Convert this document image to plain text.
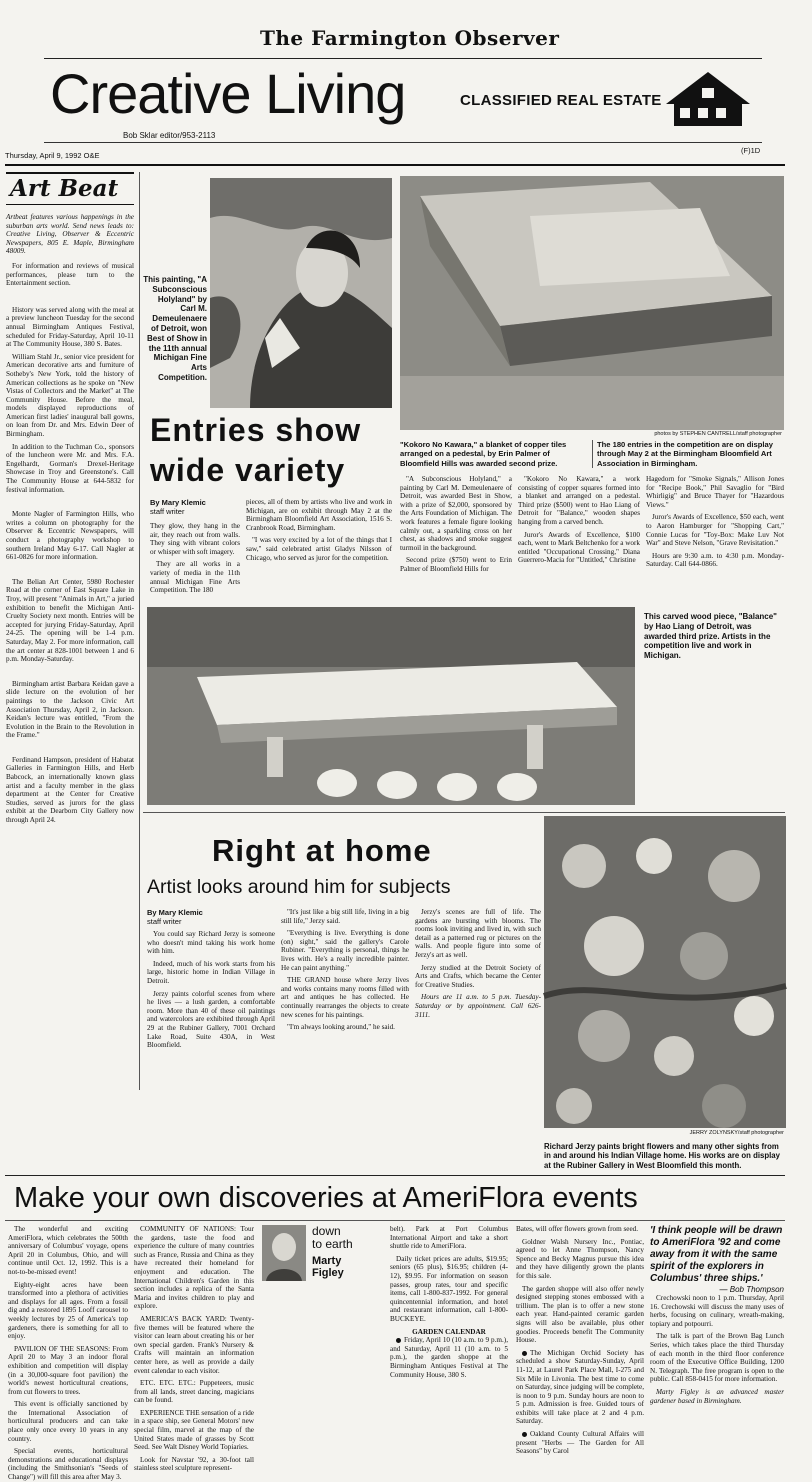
The Farmington Observer
Creative Living	CLASSIFIED REAL ESTATE
Bob Sklar editor/953-2113
Thursday, April 9, 1992 O&E
(F)1D
Art Beat

Artbeat features various happenings in the suburban arts world. Send news leads to: Creative Living, Observer & Eccentric Newspapers, 805 E. Maple, Birmingham 48009.

For information and reviews of musical performances, please turn to the Entertainment section.

History was served along with the meal at a preview luncheon Tuesday for the second annual Birmingham Antiques Festival, scheduled for Friday-Saturday, April 10-11 at The Community House, 380 S. Bates.

William Stahl Jr., senior vice president for American decorative arts and furniture of Sotheby's New York, told the history of American collections as he spoke on "New Vistas of Collectors and the Market" at The Community House. Before the meal, models displayed reproductions of American first ladies' inaugural ball gowns, on loan from Dr. and Mrs. Edwin Deer of Birmingham.

In addition to the Tuchman Co., sponsors of the luncheon were Mr. and Mrs. F.A. Engelhardt, Gorman's Drexel-Heritage Showcase in Troy and Greenstone's. Call The Community House at 644-5832 for festival information.

Monte Nagler of Farmington Hills, who writes a column on photography for the Observer & Eccentric Newspapers, will conduct a photography workshop to southern Ireland May 6-17. Call Nagler at 661-0826 for more information.

The Belian Art Center, 5980 Rochester Road at the corner of East Square Lake in Troy, will present "Animals in Art," a juried exhibition to benefit the Michigan Anti-Cruelty Society next month. Entries will be accepted for jurying Friday-Saturday, April 24-25. The opening will be 1-4 p.m. Saturday, May 2. For more information, call the art center at 828-1001 between 1 and 6 p.m. Monday-Saturday.

Birmingham artist Barbara Keidan gave a slide lecture on the evolution of her paintings to the Jackson Civic Art Association Thursday, April 2, in Jackson. Keidan's lecture was entitled, "From the Evolution in the Brain to the Revolution in the Frame."

Ferdinand Hampson, president of Habatat Galleries in Farmington Hills, and Herb Babcock, an internationally known glass artist and a faculty member in the glass department at the Center for Creative Studies, served as jurors for the glass exhibit at the Dearborn City Gallery now through April 24.

This painting, "A Subconscious Holyland" by Carl M. Demeulenaere of Detroit, won Best of Show in the 11th annual Michigan Fine Arts Competition.
photos by STEPHEN CANTRELL/staff photographer
Entries show
wide variety
"Kokoro No Kawara," a blanket of copper tiles arranged on a pedestal, by Erin Palmer of Bloomfield Hills was awarded second prize.
The 180 entries in the competition are on display through May 2 at the Birmingham Bloomfield Art Association in Birmingham.
By Mary Klemic
staff writer

They glow, they hang in the air, they reach out from walls. They sing with vibrant colors or whisper with soft imagery.

They are all works in a variety of media in the 11th annual Michigan Fine Arts Competition. The 180

pieces, all of them by artists who live and work in Michigan, are on exhibit through May 2 at the Birmingham Bloomfield Art Association, 1516 S. Cranbrook Road, Birmingham.

"I was very excited by a lot of the things that I saw," said celebrated artist Gladys Nilsson of Chicago, who served as juror for the competition.

"A Subconscious Holyland," a painting by Carl M. Demeulenaere of Detroit, was awarded Best in Show, with a prize of $2,000, sponsored by the Arts Foundation of Michigan. The work features a female figure looking calmly out, a sparkling cross on her chest, as shadows and smoke suggest turmoil in the background.

Second prize ($750) went to Erin Palmer of Bloomfield Hills for

"Kokoro No Kawara," a work consisting of copper squares formed into a blanket and arranged on a pedestal. Third prize ($500) went to Hao Liang of Detroit for "Balance," wooden shapes hanging from a carved bench.

Juror's Awards of Excellence, $100 each, went to Mark Beltchenko for a work entitled "Occupational Crossing," Diana Guerrero-Macia for "Untitled," Christine

Hagedorn for "Smoke Signals," Allison Jones for "Recipe Book," Phil Savaglio for "Bird Whirligig" and Bruce Thayer for "Hazardous Views."

Juror's Awards of Excellence, $50 each, went to Aaron Hamburger for "Shopping Cart," Connie Lucas for "Toy-Box: Make Luv Not War" and Steve Nelson, "Grave Revisitation."

Hours are 9:30 a.m. to 4:30 p.m. Monday-Saturday. Call 644-0866.

This carved wood piece, "Balance" by Hao Liang of Detroit, was awarded third prize. Artists in the competition live and work in Michigan.
Right at home
Artist looks around him for subjects
By Mary Klemic
staff writer

You could say Richard Jerzy is someone who doesn't mind taking his work home with him.

Indeed, much of his work starts from his large, historic home in Indian Village in Detroit.

Jerzy paints colorful scenes from where he lives — a lush garden, a comfortable room. More than 40 of these oil paintings and watercolors are exhibited through April 29 at the Rubiner Gallery, 7001 Orchard Lake Road, Suite 430A, in West Bloomfield.

"It's just like a big still life, living in a big still life," Jerzy said.

"Everything is live. Everything is done (on) sight," said the gallery's Carole Rubiner. "Everything is personal, things he lives with. He's a really incredible painter. He can paint anything."

THE GRAND house where Jerzy lives and works contains many rooms filled with art and antiques he has collected. He continually rearranges the objects to create new scenes for his paintings.

"I'm always looking around," he said.

Jerzy's scenes are full of life. The gardens are bursting with blooms. The rooms look inviting and lived in, with such detail as a patterned rug or pictures on the walls. And people figure into some of Jerzy's art as well.

Jerzy studied at the Detroit Society of Arts and Crafts, which became the Center for Creative Studies.

Hours are 11 a.m. to 5 p.m. Tuesday-Saturday or by appointment. Call 626-3111.

JERRY ZOLYNSKY/staff photographer
Richard Jerzy paints bright flowers and many other sights from in and around his Indian Village home. His works are on display at the Rubiner Gallery in West Bloomfield this month.
Make your own discoveries at AmeriFlora events

The wonderful and exciting AmeriFlora, which celebrates the 500th anniversary of Columbus' voyage, opens April 20 in Columbus, Ohio, and will continue until Oct. 12, 1992. This is a not-to-be-missed event!

Eighty-eight acres have been transformed into a plethora of activities and displays for all ages. From a fossil dig and a restored 1895 Looff carousel to weekly lectures by 25 of America's top gardeners, there is something for all to enjoy.

PAVILION OF THE SEASONS: From April 20 to May 3 an indoor floral exhibition and competition will display (in a 30,000-square foot pavilion) the world's newest horticultural creations, from cut flowers to trees.

This event is officially sanctioned by the International Association of horticultural producers and can take place only once every 10 years in any country.

Special events, horticultural demonstrations and educational displays (including the Smithsonian's "Seeds of Change") will fill this area after May 3.

COMMUNITY OF NATIONS: Tour the gardens, taste the food and experience the culture of many countries such as France, Russia and China as they have recreated their homeland for enjoyment and education. The International Children's Garden in this section includes a replica of the Santa Maria and invites children to play and explore.

AMERICA'S BACK YARD: Twenty-five themes will be featured where the visitor can learn about creating his or her own special garden. Frank's Nursery & Crafts will maintain an information center here, as well as provide a daily event calendar to each visitor.

ETC. ETC. ETC.: Puppeteers, music from all lands, street dancing, magicians can be found.

EXPERIENCE THE sensation of a ride in a space ship, see General Motors' new special film, marvel at the map of the United States made of grasses by Scott Seed. See Walt Disney World Topiaries.

Look for Navstar '92, a 30-foot tall stainless steel sculpture represent-

down
to earth
Marty
Figley

belt). Park at Port Columbus International Airport and take a short shuttle ride to AmeriFlora.

Daily ticket prices are adults, $19.95; seniors (65 plus), $16.95; children (4-12), $9.95. For information on season passes, group rates, tour and specific items, call 1-800-837-1992. For general quincentennial information, and hotel and restaurant information, call 1-800-BUCKEYE.

GARDEN CALENDAR

Friday, April 10 (10 a.m. to 9 p.m.), and Saturday, April 11 (10 a.m. to 5 p.m.), the garden shoppe at the Birmingham Antiques Festival at The Community House, 380 S.

Bates, will offer flowers grown from seed.

Goldner Walsh Nursery Inc., Pontiac, agreed to let Anne Thompson, Nancy Spence and Becky Magnus pursue this idea and they have diligently grown the plants for this sale.

The garden shoppe will also offer newly designed stepping stones embossed with a trillium. The plan is to offer a new stone each year. Hand-painted ceramic garden signs will also be available, plus other goodies. Proceeds benefit The Community House.

The Michigan Orchid Society has scheduled a show Saturday-Sunday, April 11-12, at Laurel Park Place Mall, I-275 and Six Mile in Livonia. The best time to come on Saturday, since judging will be complete, is noon to 9 p.m. Sunday hours are noon to 5 p.m. Admission is free. Guided tours of exhibits will take place at 2 and 4 p.m. Saturday.

Oakland County Cultural Affairs will present "Herbs — The Garden for All Seasons" by Carol

'I think people will be drawn to AmeriFlora '92 and come away from it with the same spirit of the explorers in Columbus' three ships.'
— Bob Thompson

Crechowski noon to 1 p.m. Thursday, April 16. Crechowski will discuss the many uses of herbs, focusing on culinary, wreath-making, topiary and potpourri.

The talk is part of the Brown Bag Lunch Series, which takes place the third Thursday of each month in the third floor conference room of the Executive Office Building, 1200 N. Telegraph. The free program is open to the public. Call 858-0415 for more information.

Marty Figley is an advanced master gardener based in Birmingham.
